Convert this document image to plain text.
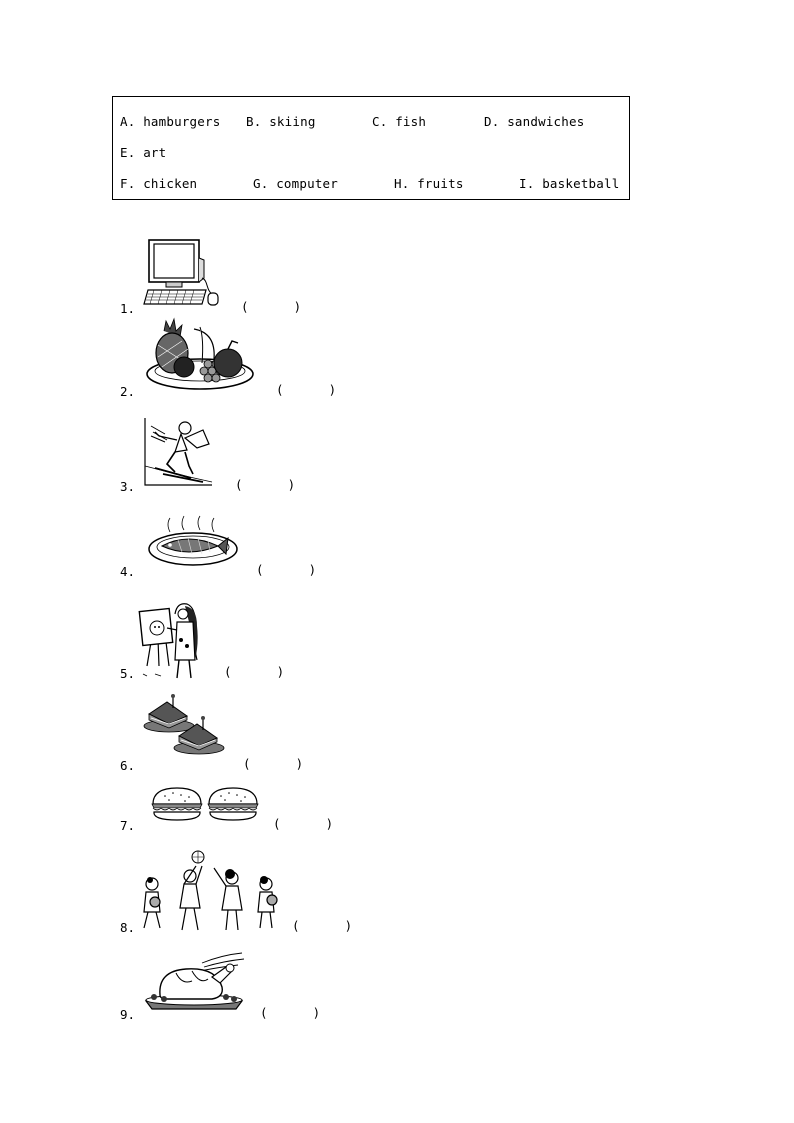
A. hamburgers B. skiing	C. fish	D. sandwiches
E. art
F. chicken	G. computer	H. fruits	I. basketball
1.	(      )
2.	(      )
3.	(      )
4.	(      )
5.	(      )
6.	(      )
7.	(      )
8.	(      )
9.	(      )
